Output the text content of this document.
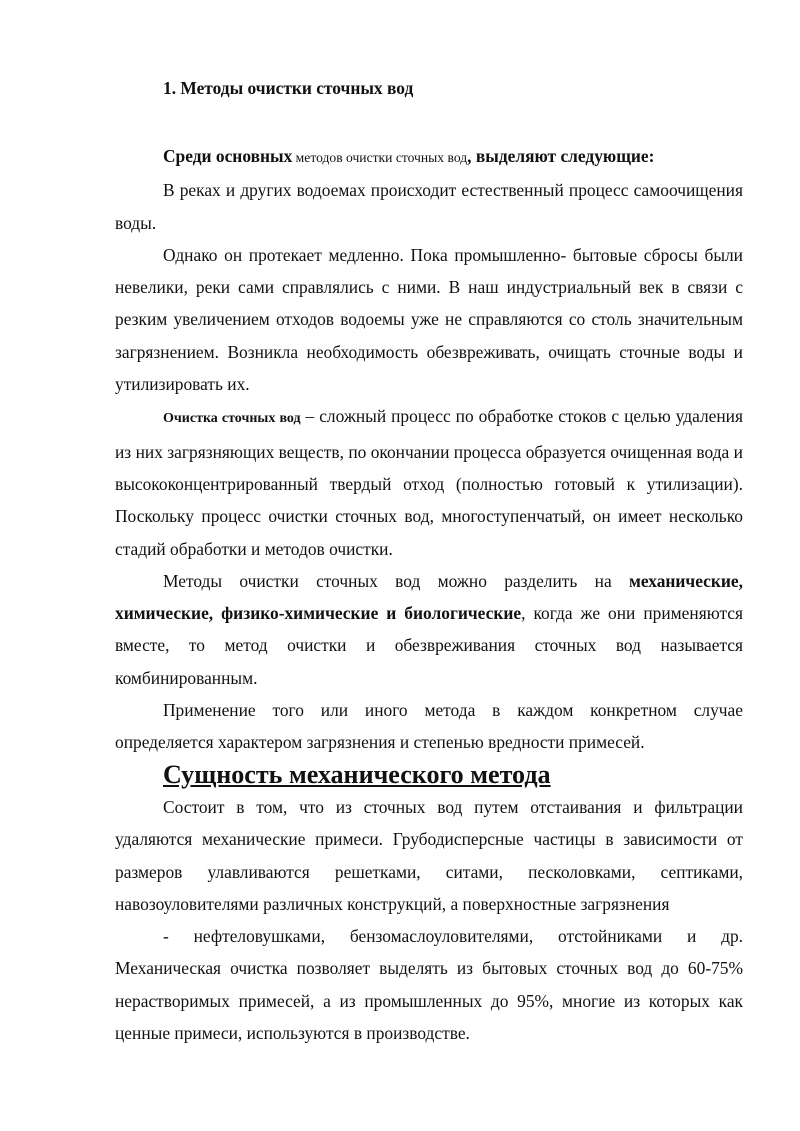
1. Методы очистки сточных вод

Среди основных методов очистки сточных вод, выделяют следующие:

В реках и других водоемах происходит естественный процесс самоочищения воды.

Однако он протекает медленно. Пока промышленно- бытовые сбросы были невелики, реки сами справлялись с ними. В наш индустриальный век в связи с резким увеличением отходов водоемы уже не справляются со столь значительным загрязнением. Возникла необходимость обезвреживать, очищать сточные воды и утилизировать их.

Очистка сточных вод – сложный процесс по обработке стоков с целью удаления из них загрязняющих веществ, по окончании процесса образуется очищенная вода и высококонцентрированный твердый отход (полностью готовый к утилизации). Поскольку процесс очистки сточных вод, многоступенчатый, он имеет несколько стадий обработки и методов очистки.

Методы очистки сточных вод можно разделить на механические, химические, физико-химические и биологические, когда же они применяются вместе, то метод очистки и обезвреживания сточных вод называется комбинированным.

Применение того или иного метода в каждом конкретном случае определяется характером загрязнения и степенью вредности примесей.

Сущность механического метода

Состоит в том, что из сточных вод путем отстаивания и фильтрации удаляются механические примеси. Грубодисперсные частицы в зависимости от размеров улавливаются решетками, ситами, песколовками, септиками, навозоуловителями различных конструкций, а поверхностные загрязнения

- нефтеловушками, бензомаслоуловителями, отстойниками и др. Механическая очистка позволяет выделять из бытовых сточных вод до 60-75% нерастворимых примесей, а из промышленных до 95%, многие из которых как ценные примеси, используются в производстве.
